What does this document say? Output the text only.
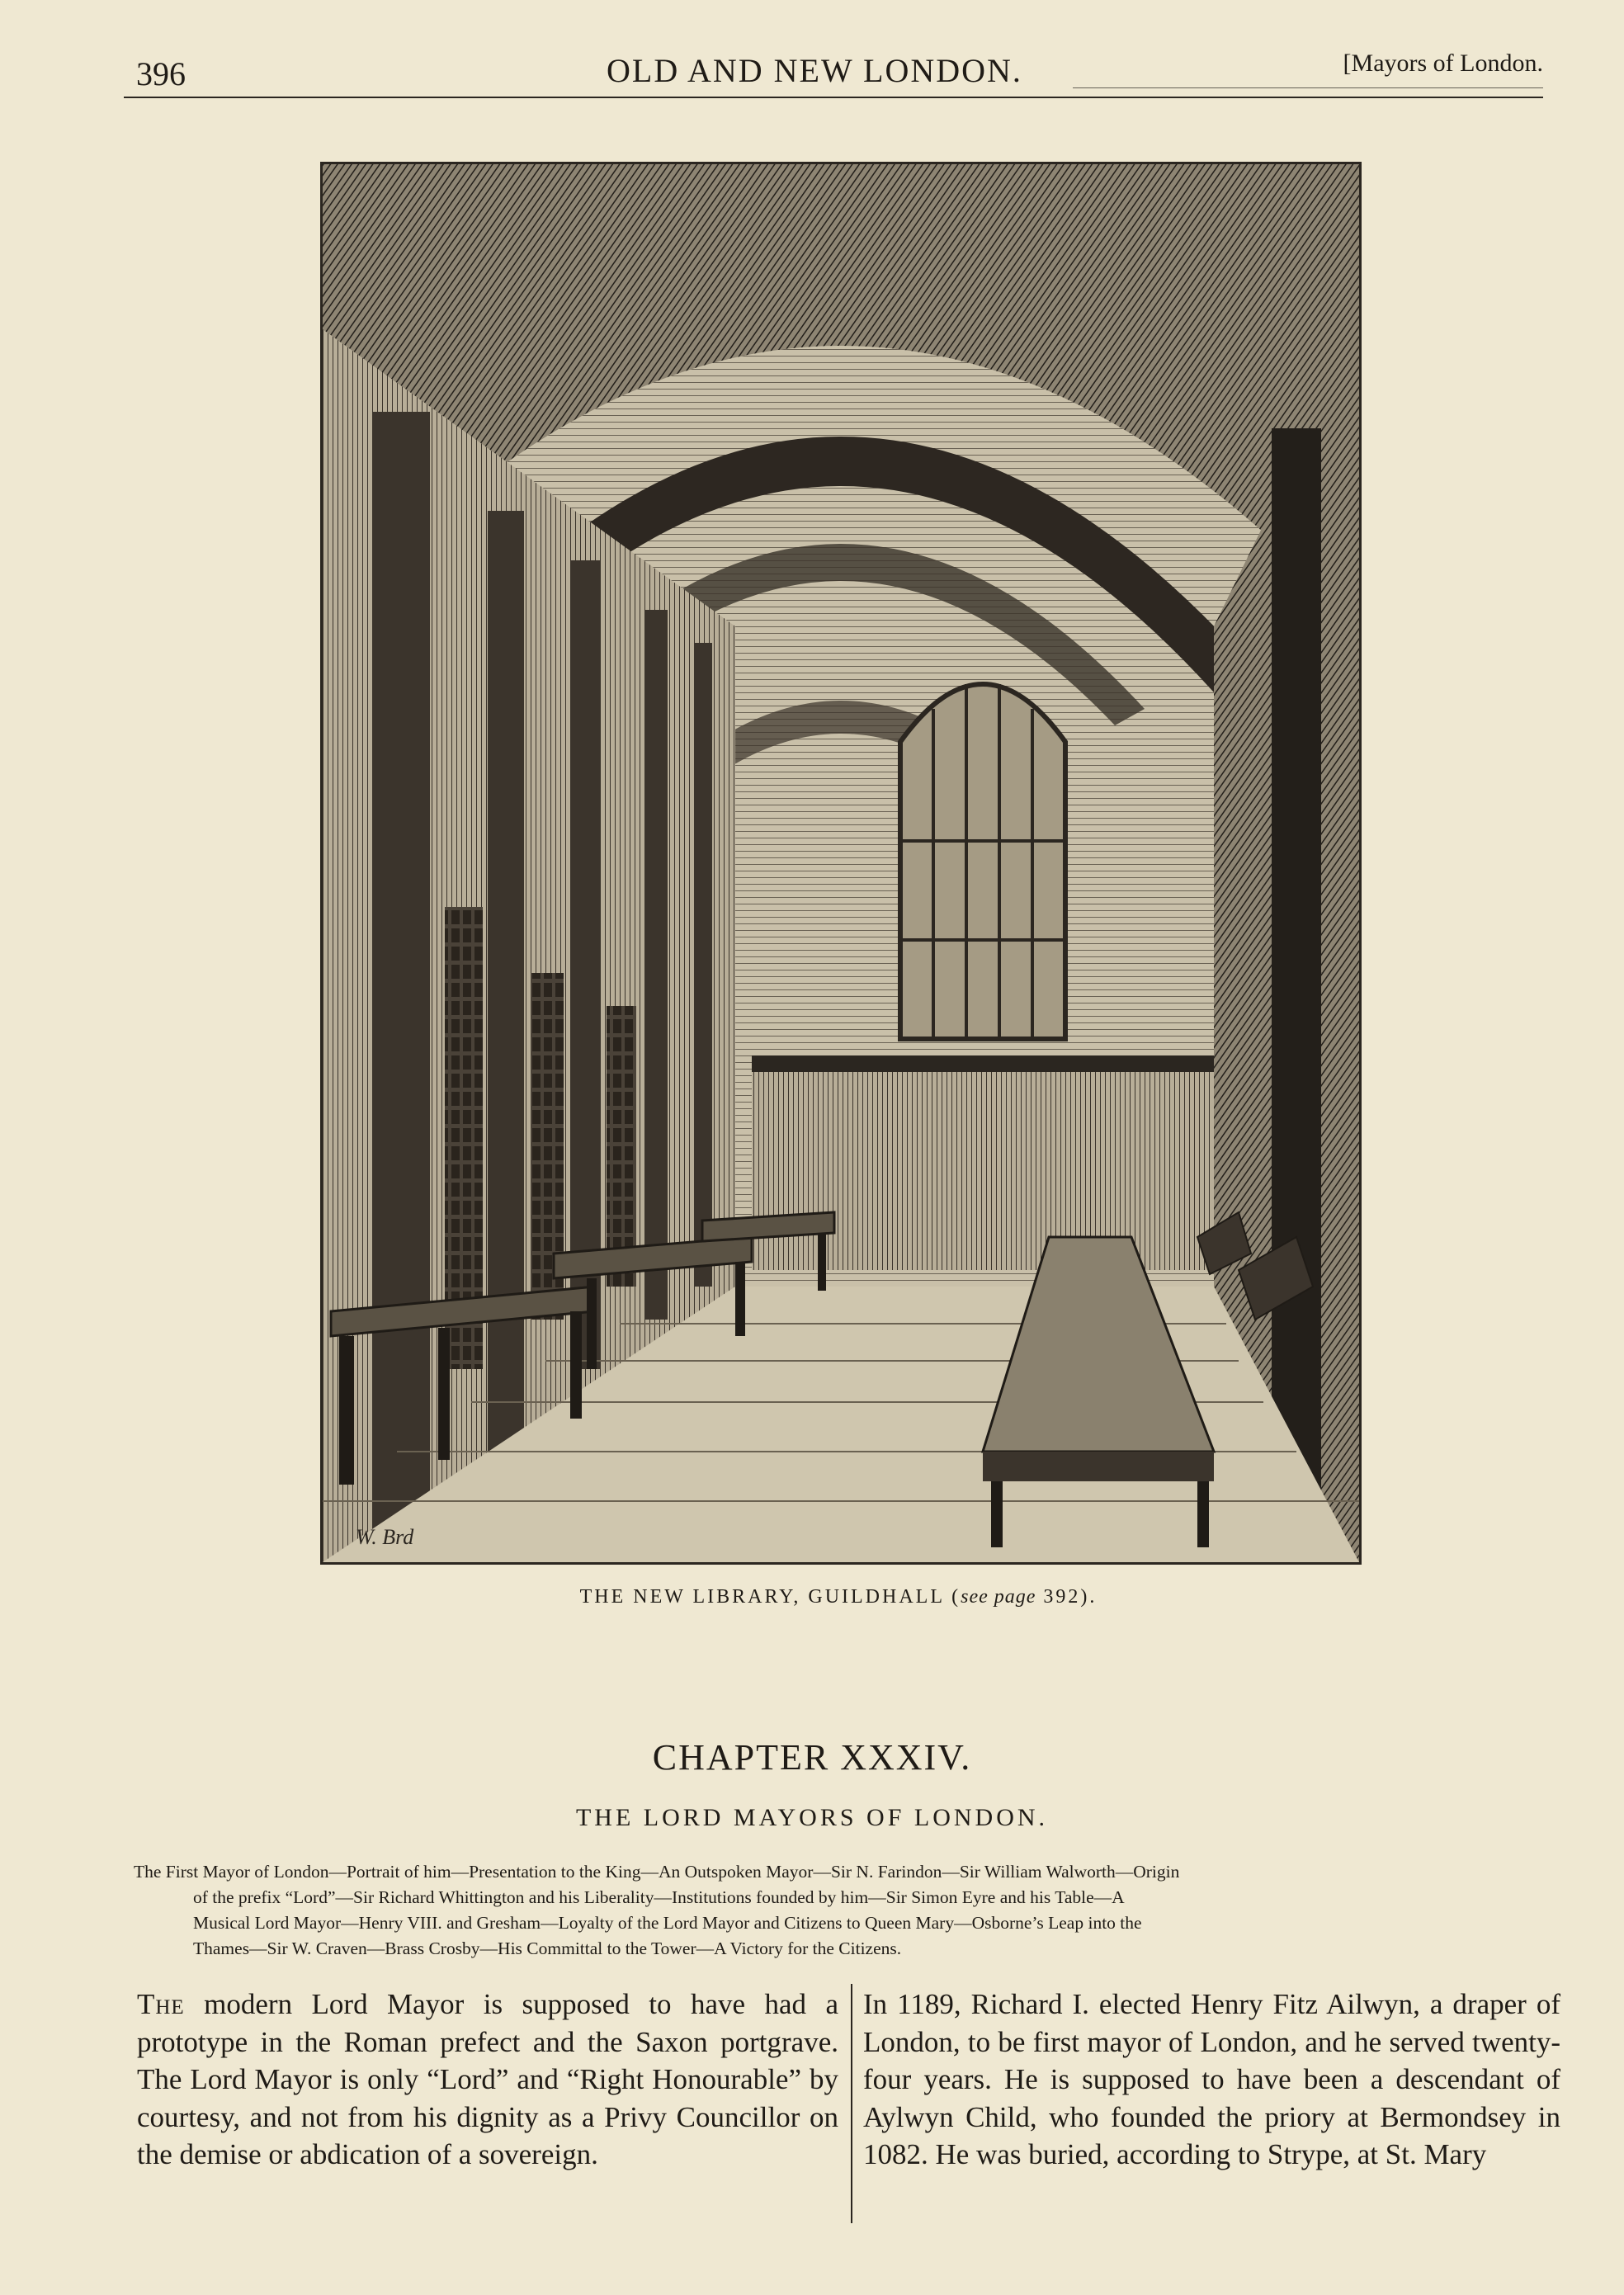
396	OLD AND NEW LONDON.	[Mayors of London.
W. Brd
THE NEW LIBRARY, GUILDHALL (see page 392).
CHAPTER XXXIV.
THE LORD MAYORS OF LONDON.
The First Mayor of London—Portrait of him—Presentation to the King—An Outspoken Mayor—Sir N. Farindon—Sir William Walworth—Origin
of the prefix “Lord”—Sir Richard Whittington and his Liberality—Institutions founded by him—Sir Simon Eyre and his Table—A
Musical Lord Mayor—Henry VIII. and Gresham—Loyalty of the Lord Mayor and Citizens to Queen Mary—Osborne’s Leap into the
Thames—Sir W. Craven—Brass Crosby—His Committal to the Tower—A Victory for the Citizens.
The modern Lord Mayor is supposed to have had a prototype in the Roman prefect and the Saxon portgrave. The Lord Mayor is only “Lord” and “Right Honourable” by courtesy, and not from his dignity as a Privy Councillor on the demise or abdication of a sovereign.
In 1189, Richard I. elected Henry Fitz Ailwyn, a draper of London, to be first mayor of London, and he served twenty-four years. He is supposed to have been a descendant of Aylwyn Child, who founded the priory at Bermondsey in 1082. He was buried, according to Strype, at St. Mary
